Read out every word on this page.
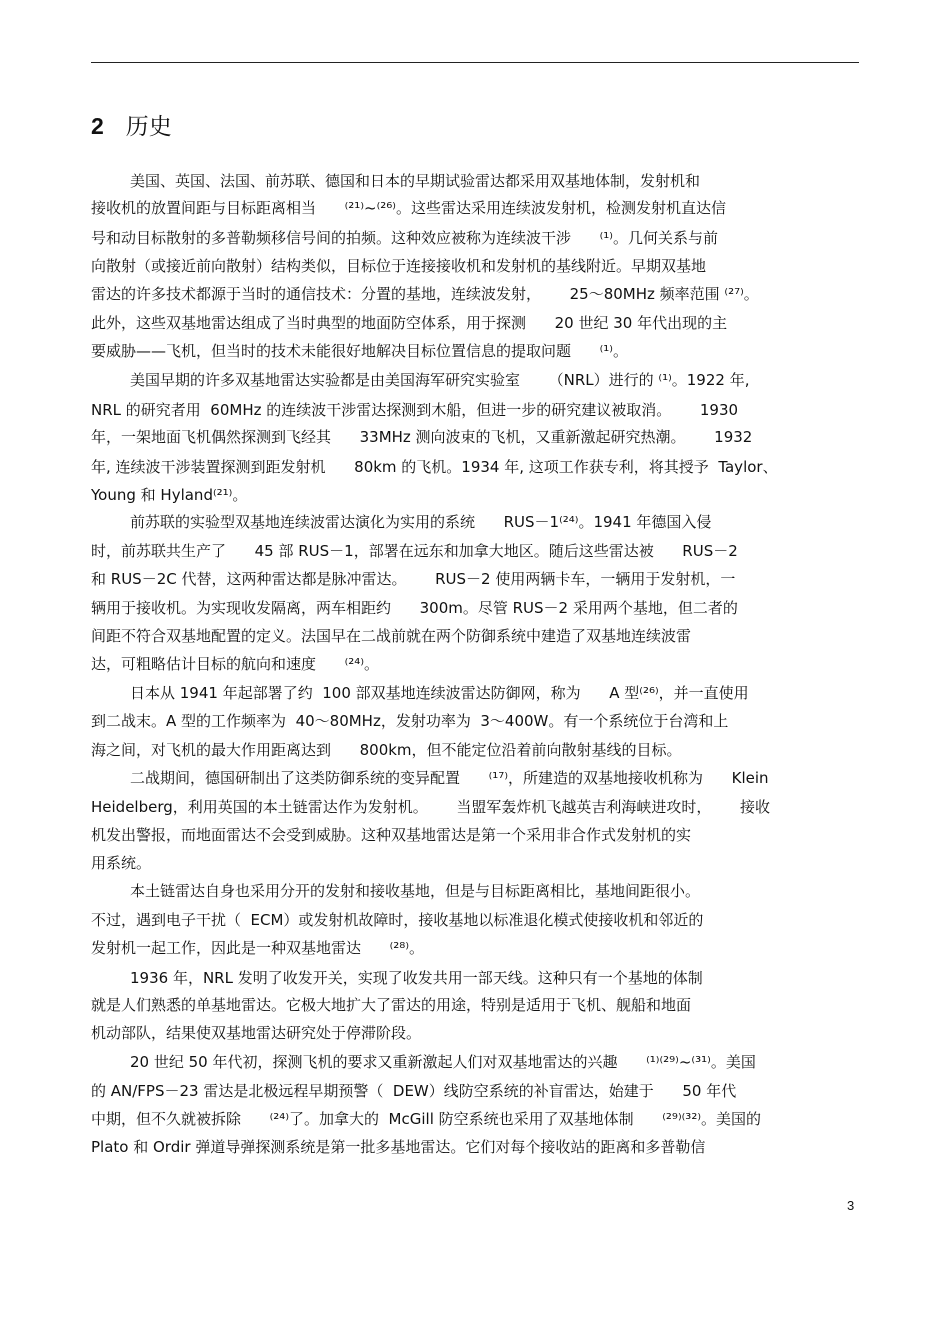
2 历史
美国、英国、法国、前苏联、德国和日本的早期试验雷达都采用双基地体制，发射机和
接收机的放置间距与目标距离相当      ⁽²¹⁾~⁽²⁶⁾。这些雷达采用连续波发射机，检测发射机直达信
号和动目标散射的多普勒频移信号间的拍频。这种效应被称为连续波干涉      ⁽¹⁾。几何关系与前
向散射（或接近前向散射）结构类似，目标位于连接接收机和发射机的基线附近。早期双基地
雷达的许多技术都源于当时的通信技术：分置的基地，连续波发射，      25～80MHz 频率范围 ⁽²⁷⁾。
此外，这些双基地雷达组成了当时典型的地面防空体系，用于探测      20 世纪 30 年代出现的主
要威胁——飞机，但当时的技术未能很好地解决目标位置信息的提取问题      ⁽¹⁾。
美国早期的许多双基地雷达实验都是由美国海军研究实验室      （NRL）进行的 ⁽¹⁾。1922 年,
NRL 的研究者用  60MHz 的连续波干涉雷达探测到木船，但进一步的研究建议被取消。      1930
年，一架地面飞机偶然探测到飞经其      33MHz 测向波束的飞机，又重新激起研究热潮。      1932
年, 连续波干涉装置探测到距发射机      80km 的飞机。1934 年, 这项工作获专利，将其授予  Taylor、
Young 和 Hyland⁽²¹⁾。
前苏联的实验型双基地连续波雷达演化为实用的系统      RUS－1⁽²⁴⁾。1941 年德国入侵
时，前苏联共生产了      45 部 RUS－1，部署在远东和加拿大地区。随后这些雷达被      RUS－2
和 RUS－2C 代替，这两种雷达都是脉冲雷达。      RUS－2 使用两辆卡车，一辆用于发射机，一
辆用于接收机。为实现收发隔离，两车相距约      300m。尽管 RUS－2 采用两个基地，但二者的
间距不符合双基地配置的定义。法国早在二战前就在两个防御系统中建造了双基地连续波雷
达，可粗略估计目标的航向和速度      ⁽²⁴⁾。
日本从 1941 年起部署了约  100 部双基地连续波雷达防御网，称为      A 型⁽²⁶⁾，并一直使用
到二战末。A 型的工作频率为  40～80MHz，发射功率为  3～400W。有一个系统位于台湾和上
海之间，对飞机的最大作用距离达到      800km，但不能定位沿着前向散射基线的目标。
二战期间，德国研制出了这类防御系统的变异配置      ⁽¹⁷⁾，所建造的双基地接收机称为      Klein
Heidelberg，利用英国的本土链雷达作为发射机。      当盟军轰炸机飞越英吉利海峡进攻时，      接收
机发出警报，而地面雷达不会受到威胁。这种双基地雷达是第一个采用非合作式发射机的实
用系统。
本土链雷达自身也采用分开的发射和接收基地，但是与目标距离相比，基地间距很小。
不过，遇到电子干扰（  ECM）或发射机故障时，接收基地以标准退化模式使接收机和邻近的
发射机一起工作，因此是一种双基地雷达      ⁽²⁸⁾。
1936 年，NRL 发明了收发开关，实现了收发共用一部天线。这种只有一个基地的体制
就是人们熟悉的单基地雷达。它极大地扩大了雷达的用途，特别是适用于飞机、舰船和地面
机动部队，结果使双基地雷达研究处于停滞阶段。
20 世纪 50 年代初，探测飞机的要求又重新激起人们对双基地雷达的兴趣      ⁽¹⁾⁽²⁹⁾~⁽³¹⁾。美国
的 AN/FPS－23 雷达是北极远程早期预警（  DEW）线防空系统的补盲雷达，始建于      50 年代
中期，但不久就被拆除      ⁽²⁴⁾了。加拿大的  McGill 防空系统也采用了双基地体制      ⁽²⁹⁾⁽³²⁾。美国的
Plato 和 Ordir 弹道导弹探测系统是第一批多基地雷达。它们对每个接收站的距离和多普勒信
3
